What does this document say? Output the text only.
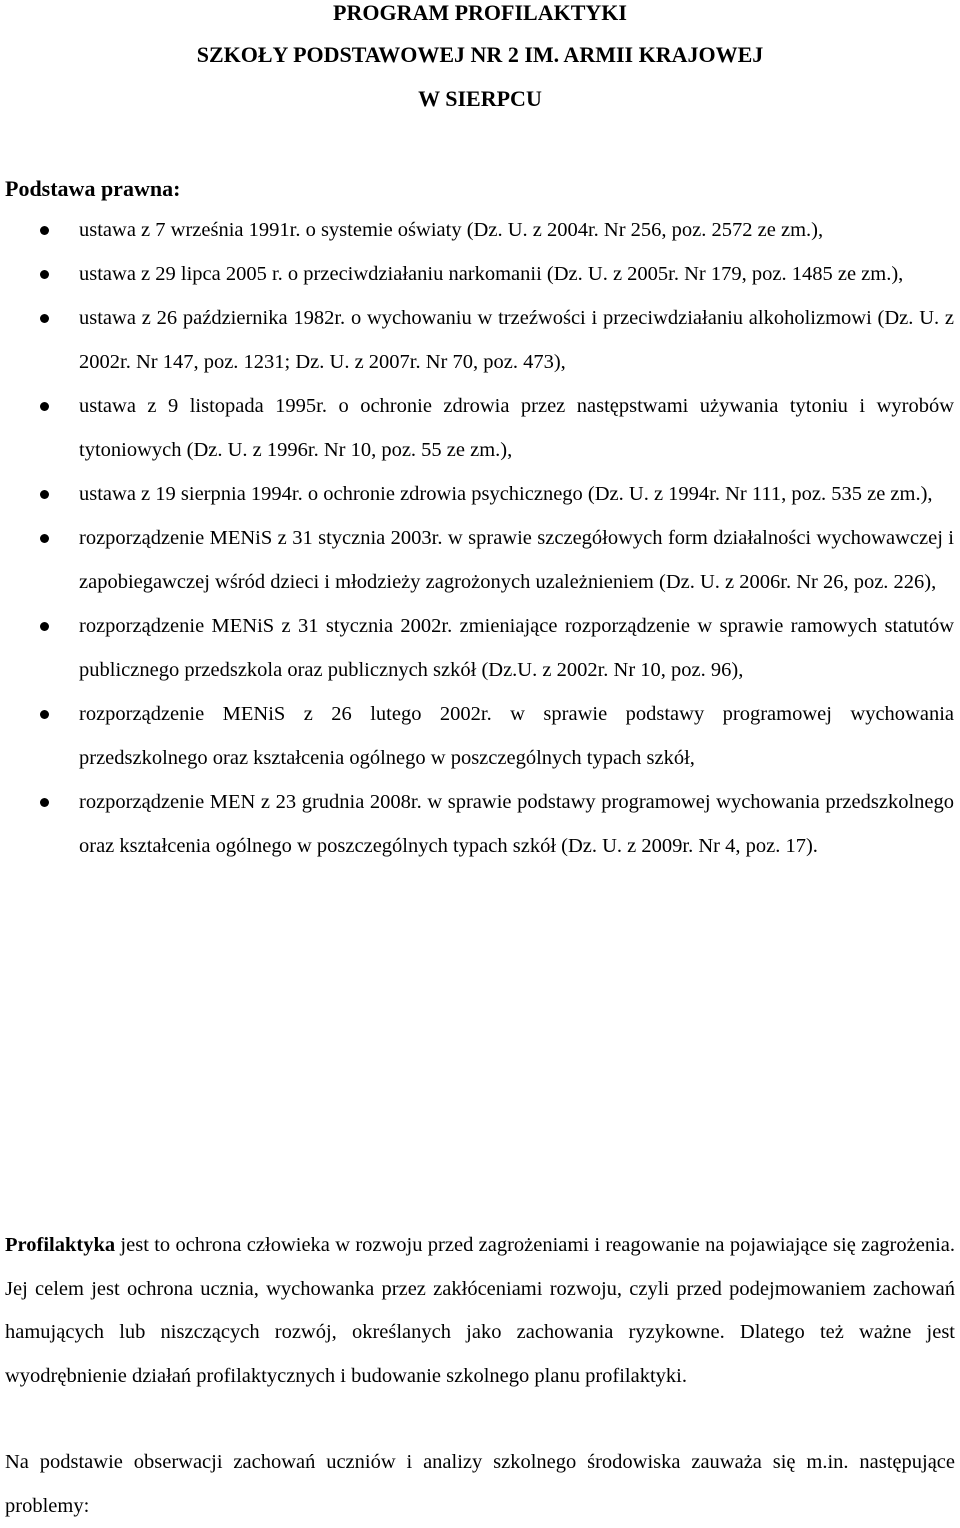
PROGRAM PROFILAKTYKI
SZKOŁY PODSTAWOWEJ NR 2 IM. ARMII KRAJOWEJ
W SIERPCU
Podstawa prawna:
ustawa z 7 września 1991r. o systemie oświaty (Dz. U. z 2004r. Nr 256, poz. 2572 ze zm.),
ustawa z 29 lipca 2005 r. o przeciwdziałaniu narkomanii (Dz. U. z 2005r. Nr 179, poz. 1485 ze zm.),
ustawa z 26 października 1982r. o wychowaniu w trzeźwości i przeciwdziałaniu alkoholizmowi (Dz. U. z 2002r. Nr 147, poz. 1231; Dz. U. z 2007r. Nr 70, poz. 473),
ustawa z 9 listopada 1995r. o ochronie zdrowia przez następstwami używania tytoniu i wyrobów tytoniowych (Dz. U. z 1996r. Nr 10, poz. 55 ze zm.),
ustawa z 19 sierpnia 1994r. o ochronie zdrowia psychicznego (Dz. U. z 1994r. Nr 111, poz. 535 ze zm.),
rozporządzenie MENiS z 31 stycznia 2003r. w sprawie szczegółowych form działalności wychowawczej i zapobiegawczej wśród dzieci i młodzieży zagrożonych uzależnieniem (Dz. U. z 2006r. Nr 26, poz. 226),
rozporządzenie MENiS z 31 stycznia 2002r. zmieniające rozporządzenie w sprawie ramowych statutów publicznego przedszkola oraz publicznych szkół (Dz.U. z 2002r. Nr 10, poz. 96),
rozporządzenie MENiS z 26 lutego 2002r. w sprawie podstawy programowej wychowania przedszkolnego oraz kształcenia ogólnego w poszczególnych typach szkół,
rozporządzenie MEN z 23 grudnia 2008r. w sprawie podstawy programowej wychowania przedszkolnego oraz kształcenia ogólnego w poszczególnych typach szkół (Dz. U. z 2009r. Nr 4, poz. 17).

Profilaktyka jest to ochrona człowieka w rozwoju przed zagrożeniami i reagowanie na pojawiające się zagrożenia. Jej celem jest ochrona ucznia, wychowanka przez zakłóceniami rozwoju, czyli przed podejmowaniem zachowań hamujących lub niszczących rozwój, określanych jako zachowania ryzykowne. Dlatego też ważne jest wyodrębnienie działań profilaktycznych i budowanie szkolnego planu profilaktyki.

Na podstawie obserwacji zachowań uczniów i analizy szkolnego środowiska zauważa się m.in. następujące problemy:
